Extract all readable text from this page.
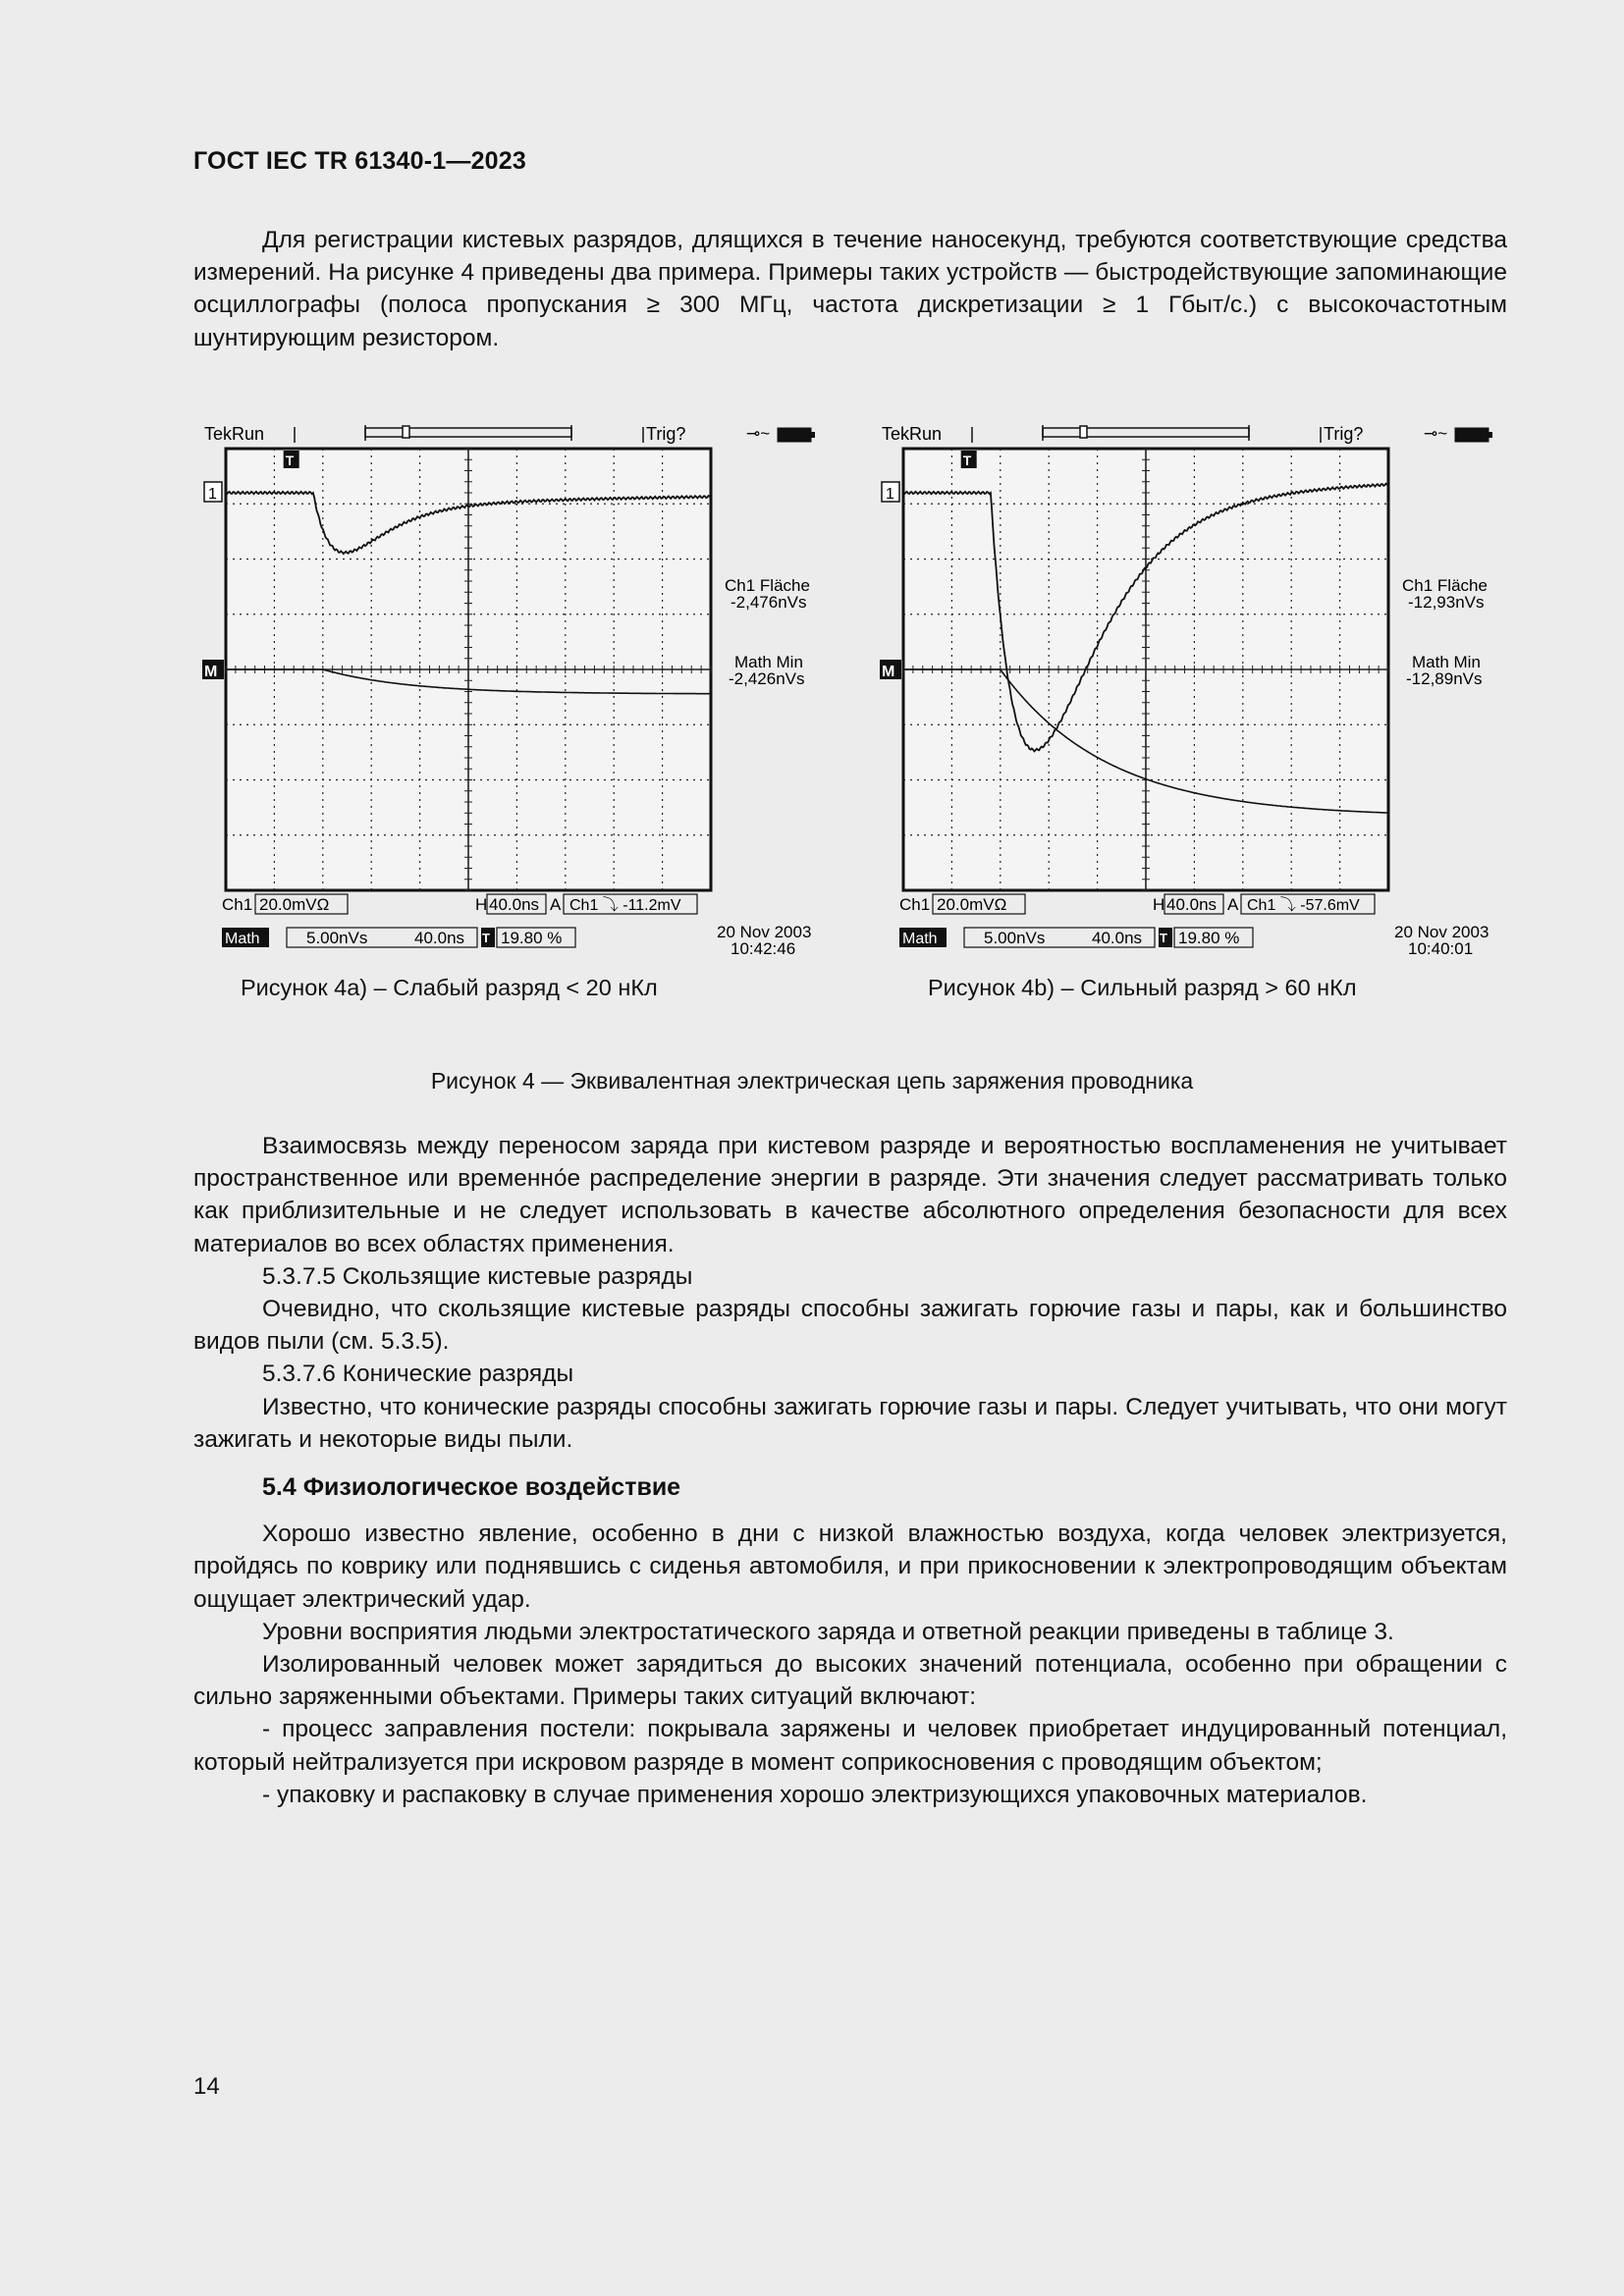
ГОСТ IEC TR 61340-1—2023

Для регистрации кистевых разрядов, длящихся в течение наносекунд, требуются соответствующие средства измерений. На рисунке 4 приведены два примера. Примеры таких устройств — быстродействующие запоминающие осциллографы (полоса пропускания ≥ 300 МГц, частота дискретизации ≥ 1 Гбыт/с.) с высокочастотным шунтирующим резистором.

TekRun	Trig?	⊸~
1
M
T
Ch1 Fläche
-2,476nVs
Math Min
-2,426nVs
Ch1 20.0mVΩ	H 40.0ns A Ch1 ⤵ -11.2mV
Math	5.00nVs	40.0ns T 19.80 %	20 Nov 2003
10:42:46
TekRun	Trig?	⊸~
1
M
T
Ch1 Fläche
-12,93nVs
Math Min
-12,89nVs
Ch1 20.0mVΩ	H 40.0ns A Ch1 ⤵ -57.6mV
Math	5.00nVs	40.0ns T 19.80 %	20 Nov 2003
10:40:01
Рисунок 4a) – Слабый разряд < 20 нКл	Рисунок 4b) – Сильный разряд > 60 нКл
Рисунок 4 — Эквивалентная электрическая цепь заряжения проводника

Взаимосвязь между переносом заряда при кистевом разряде и вероятностью воспламенения не учитывает пространственное или временно́е распределение энергии в разряде. Эти значения следует рассматривать только как приблизительные и не следует использовать в качестве абсолютного определения безопасности для всех материалов во всех областях применения.

5.3.7.5 Скользящие кистевые разряды

Очевидно, что скользящие кистевые разряды способны зажигать горючие газы и пары, как и большинство видов пыли (см. 5.3.5).

5.3.7.6 Конические разряды

Известно, что конические разряды способны зажигать горючие газы и пары. Следует учитывать, что они могут зажигать и некоторые виды пыли.

5.4 Физиологическое воздействие

Хорошо известно явление, особенно в дни с низкой влажностью воздуха, когда человек электризуется, пройдясь по коврику или поднявшись с сиденья автомобиля, и при прикосновении к электропроводящим объектам ощущает электрический удар.

Уровни восприятия людьми электростатического заряда и ответной реакции приведены в таблице 3.

Изолированный человек может зарядиться до высоких значений потенциала, особенно при обращении с сильно заряженными объектами. Примеры таких ситуаций включают:

- процесс заправления постели: покрывала заряжены и человек приобретает индуцированный потенциал, который нейтрализуется при искровом разряде в момент соприкосновения с проводящим объектом;

- упаковку и распаковку в случае применения хорошо электризующихся упаковочных материалов.

14
